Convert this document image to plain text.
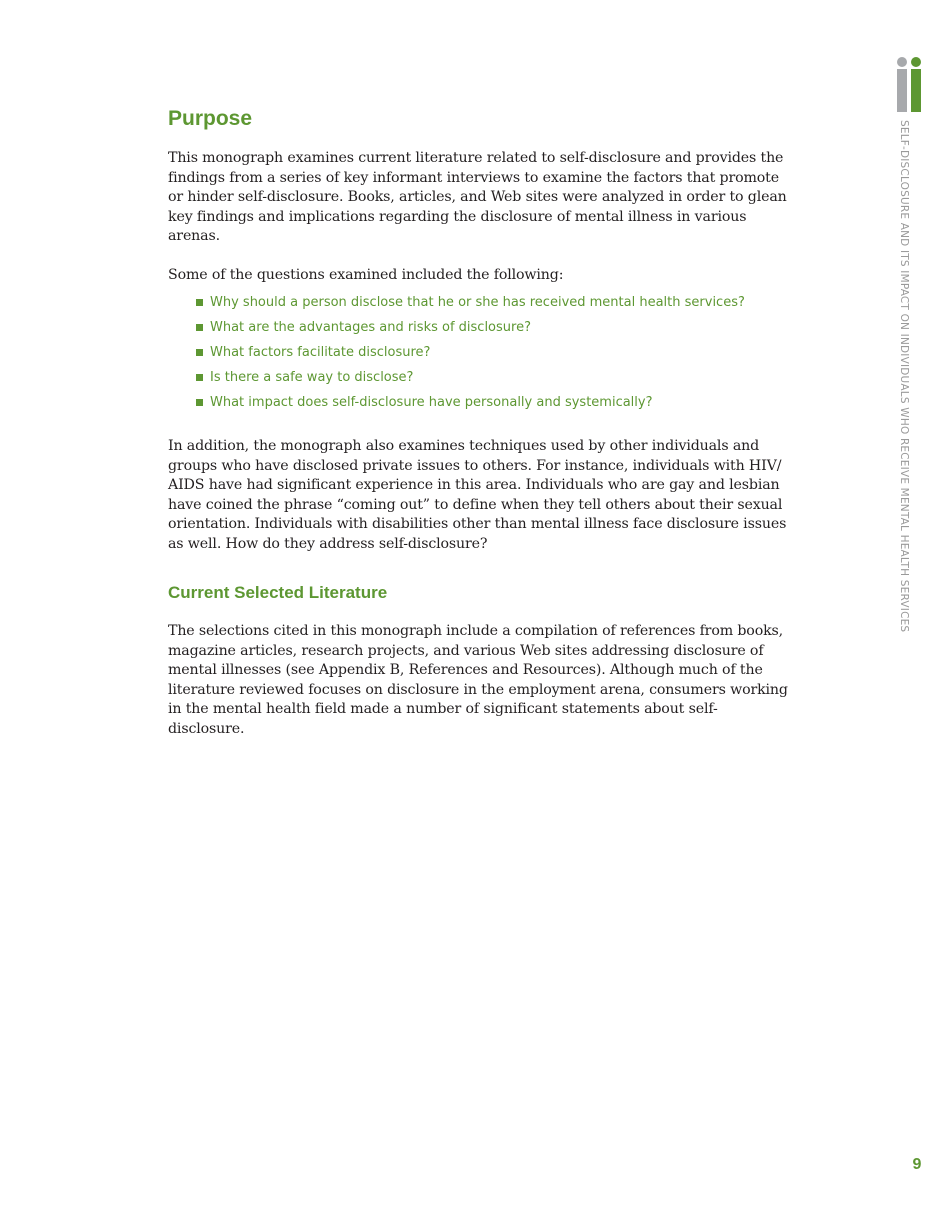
SELF-DISCLOSURE AND ITS IMPACT ON INDIVIDUALS WHO RECEIVE MENTAL HEALTH SERVICES
Purpose

This monograph examines current literature related to self-disclosure and provides the findings from a series of key informant interviews to examine the factors that promote or hinder self-disclosure. Books, articles, and Web sites were analyzed in order to glean key findings and implications regarding the disclosure of mental illness in various arenas.

Some of the questions examined included the following:

Why should a person disclose that he or she has received mental health services?
What are the advantages and risks of disclosure?
What factors facilitate disclosure?
Is there a safe way to disclose?
What impact does self-disclosure have personally and systemically?

In addition, the monograph also examines techniques used by other individuals and groups who have disclosed private issues to others. For instance, individuals with HIV/ AIDS have had significant experience in this area. Individuals who are gay and lesbian have coined the phrase “coming out” to define when they tell others about their sexual orientation. Individuals with disabilities other than mental illness face disclosure issues as well. How do they address self-disclosure?

Current Selected Literature

The selections cited in this monograph include a compilation of references from books, magazine articles, research projects, and various Web sites addressing disclosure of mental illnesses (see Appendix B, References and Resources). Although much of the literature reviewed focuses on disclosure in the employment arena, consumers working in the mental health field made a number of significant statements about self-disclosure.

9
